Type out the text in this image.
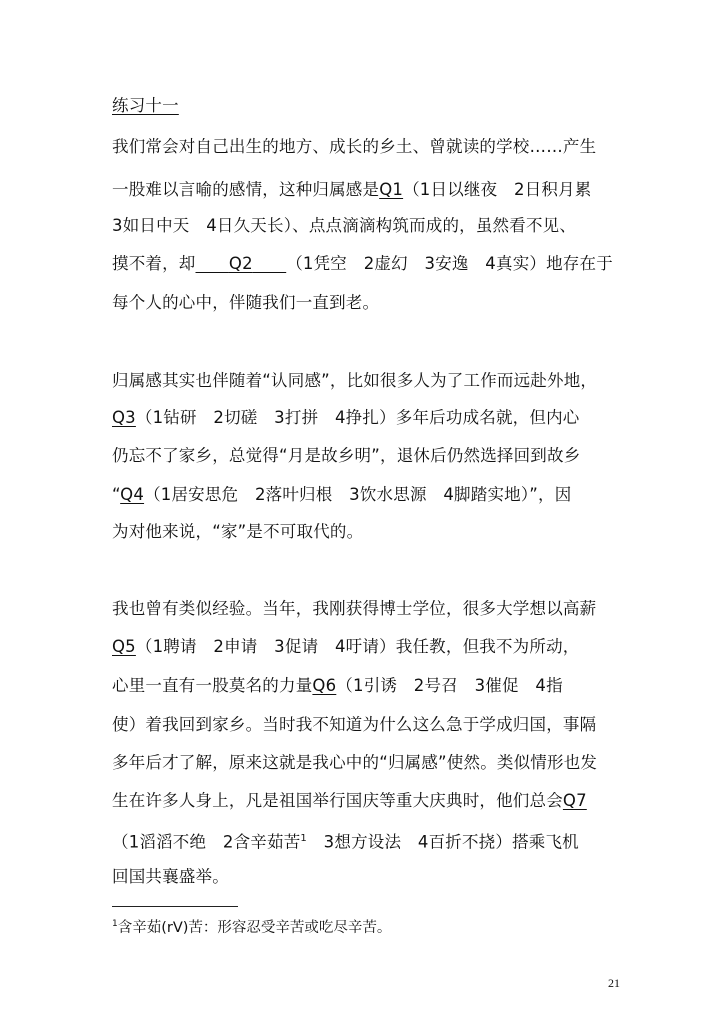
练习十一
我们常会对自己出生的地方、成长的乡土、曾就读的学校……产生
一股难以言喻的感情，这种归属感是Q1（1日以继夜　2日积月累
3如日中天　4日久天长）、点点滴滴构筑而成的，虽然看不见、
摸不着，却   Q2   （1凭空　2虚幻　3安逸　4真实）地存在于
每个人的心中，伴随我们一直到老。
归属感其实也伴随着“认同感”，比如很多人为了工作而远赴外地，
Q3（1钻研　2切磋　3打拼　4挣扎）多年后功成名就，但内心
仍忘不了家乡，总觉得“月是故乡明”，退休后仍然选择回到故乡
“Q4（1居安思危　2落叶归根　3饮水思源　4脚踏实地）”，因
为对他来说，“家”是不可取代的。
我也曾有类似经验。当年，我刚获得博士学位，很多大学想以高薪
Q5（1聘请　2申请　3促请　4吁请）我任教，但我不为所动，
心里一直有一股莫名的力量Q6（1引诱　2号召　3催促　4指
使）着我回到家乡。当时我不知道为什么这么急于学成归国，事隔
多年后才了解，原来这就是我心中的“归属感”使然。类似情形也发
生在许多人身上，凡是祖国举行国庆等重大庆典时，他们总会Q7
（1滔滔不绝　2含辛茹苦$^1$　3想方设法　4百折不挠）搭乘飞机
回国共襄盛举。
$^1$含辛茹(rV)苦：形容忍受辛苦或吃尽辛苦。
21
